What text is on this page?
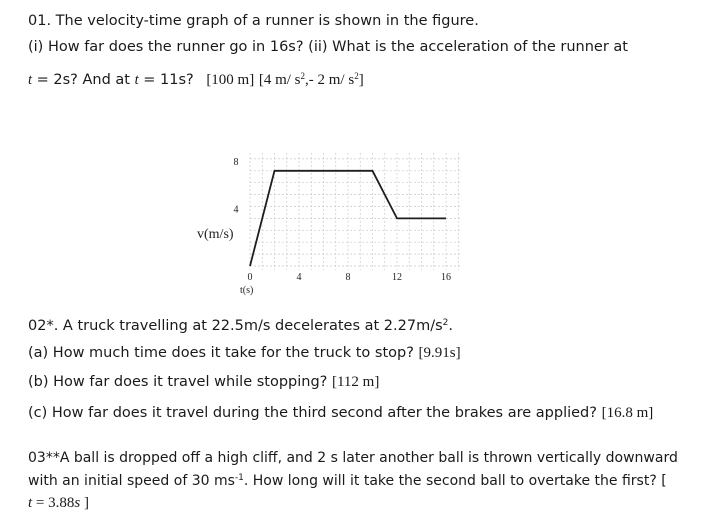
01. The velocity-time graph of a runner is shown in the figure.
(i) How far does the runner go in 16s? (ii) What is the acceleration of the runner at
t = 2s? And at t = 11s? [100 m] [4 m/ $s^2,-$ 2 m/ $s^2$]
0	4	8	12	16
4
8
v(m/s)
t(s)
02*. A truck travelling at 22.5m/s decelerates at $2.27m/s^2$.
(a) How much time does it take for the truck to stop? [9.91s]
(b) How far does it travel while stopping? [112 m]
(c) How far does it travel during the third second after the brakes are applied? [16.8 m]
03**A ball is dropped off a high cliff, and 2 s later another ball is thrown vertically downward
with an initial speed of 30 $ms^{-1}$. How long will it take the second ball to overtake the first? [
t = 3.88s ]
